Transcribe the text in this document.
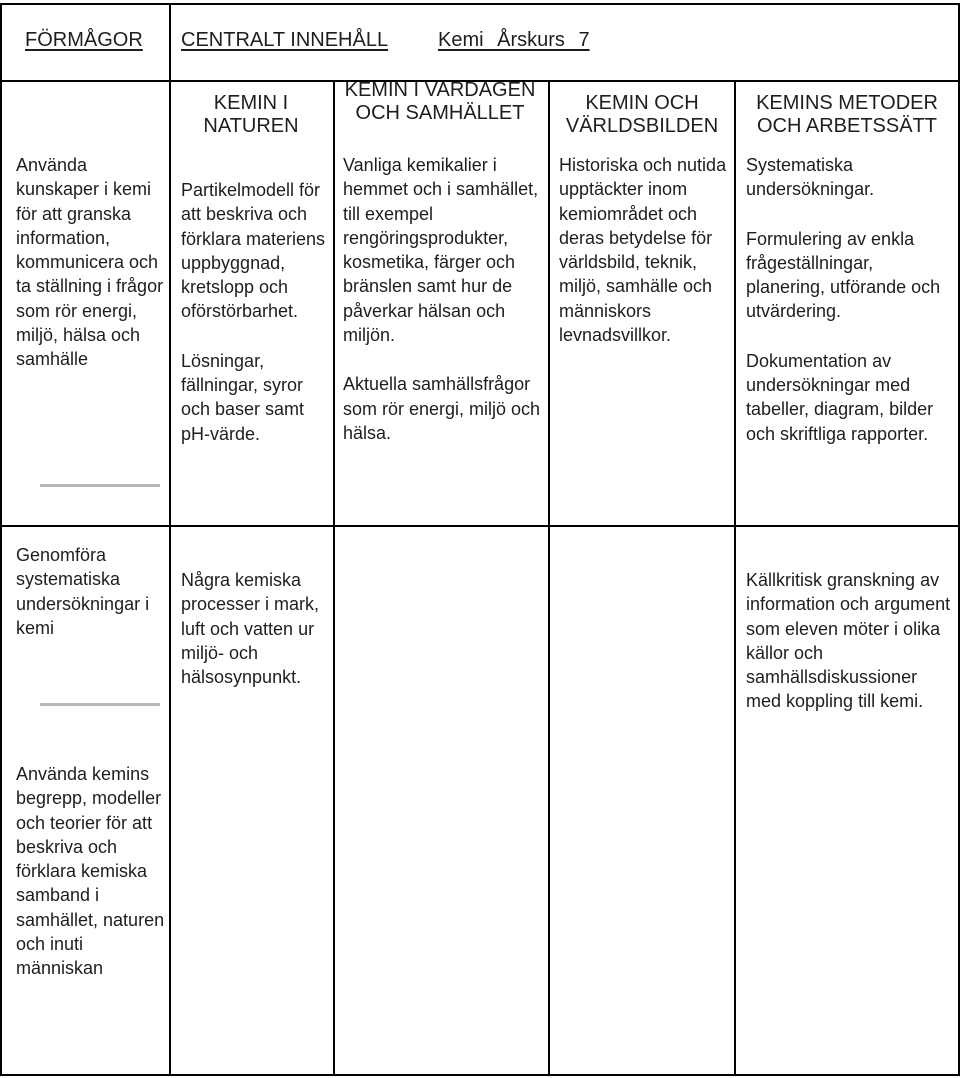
FÖRMÅGOR CENTRALT INNEHÅLL Kemi Årskurs 7
KEMIN I NATUREN
KEMIN I VARDAGEN OCH SAMHÄLLET	KEMIN OCH VÄRLDSBILDEN
KEMINS METODER OCH ARBETSSÄTT

Använda kunskaper i kemi för att granska information, kommunicera och ta ställning i frågor som rör energi, miljö, hälsa och samhälle

Genomföra systematiska undersökningar i kemi

Använda kemins begrepp, modeller och teorier för att beskriva och förklara kemiska samband i samhället, naturen och inuti människan

Partikelmodell för att beskriva och förklara materiens uppbyggnad, kretslopp och oförstörbarhet.

Lösningar, fällningar, syror och baser samt pH-värde.

Vanliga kemikalier i hemmet och i samhället, till exempel rengöringsprodukter, kosmetika, färger och bränslen samt hur de påverkar hälsan och miljön.

Aktuella samhällsfrågor som rör energi, miljö och hälsa.

Historiska och nutida upptäckter inom kemiområdet och deras betydelse för världsbild, teknik, miljö, samhälle och människors levnadsvillkor.

Systematiska undersökningar.

Formulering av enkla frågeställningar, planering, utförande och utvärdering.

Dokumentation av undersökningar med tabeller, diagram, bilder och skriftliga rapporter.

Några kemiska processer i mark, luft och vatten ur miljö- och hälsosynpunkt.

Källkritisk granskning av information och argument som eleven möter i olika källor och samhällsdiskussioner med koppling till kemi.
